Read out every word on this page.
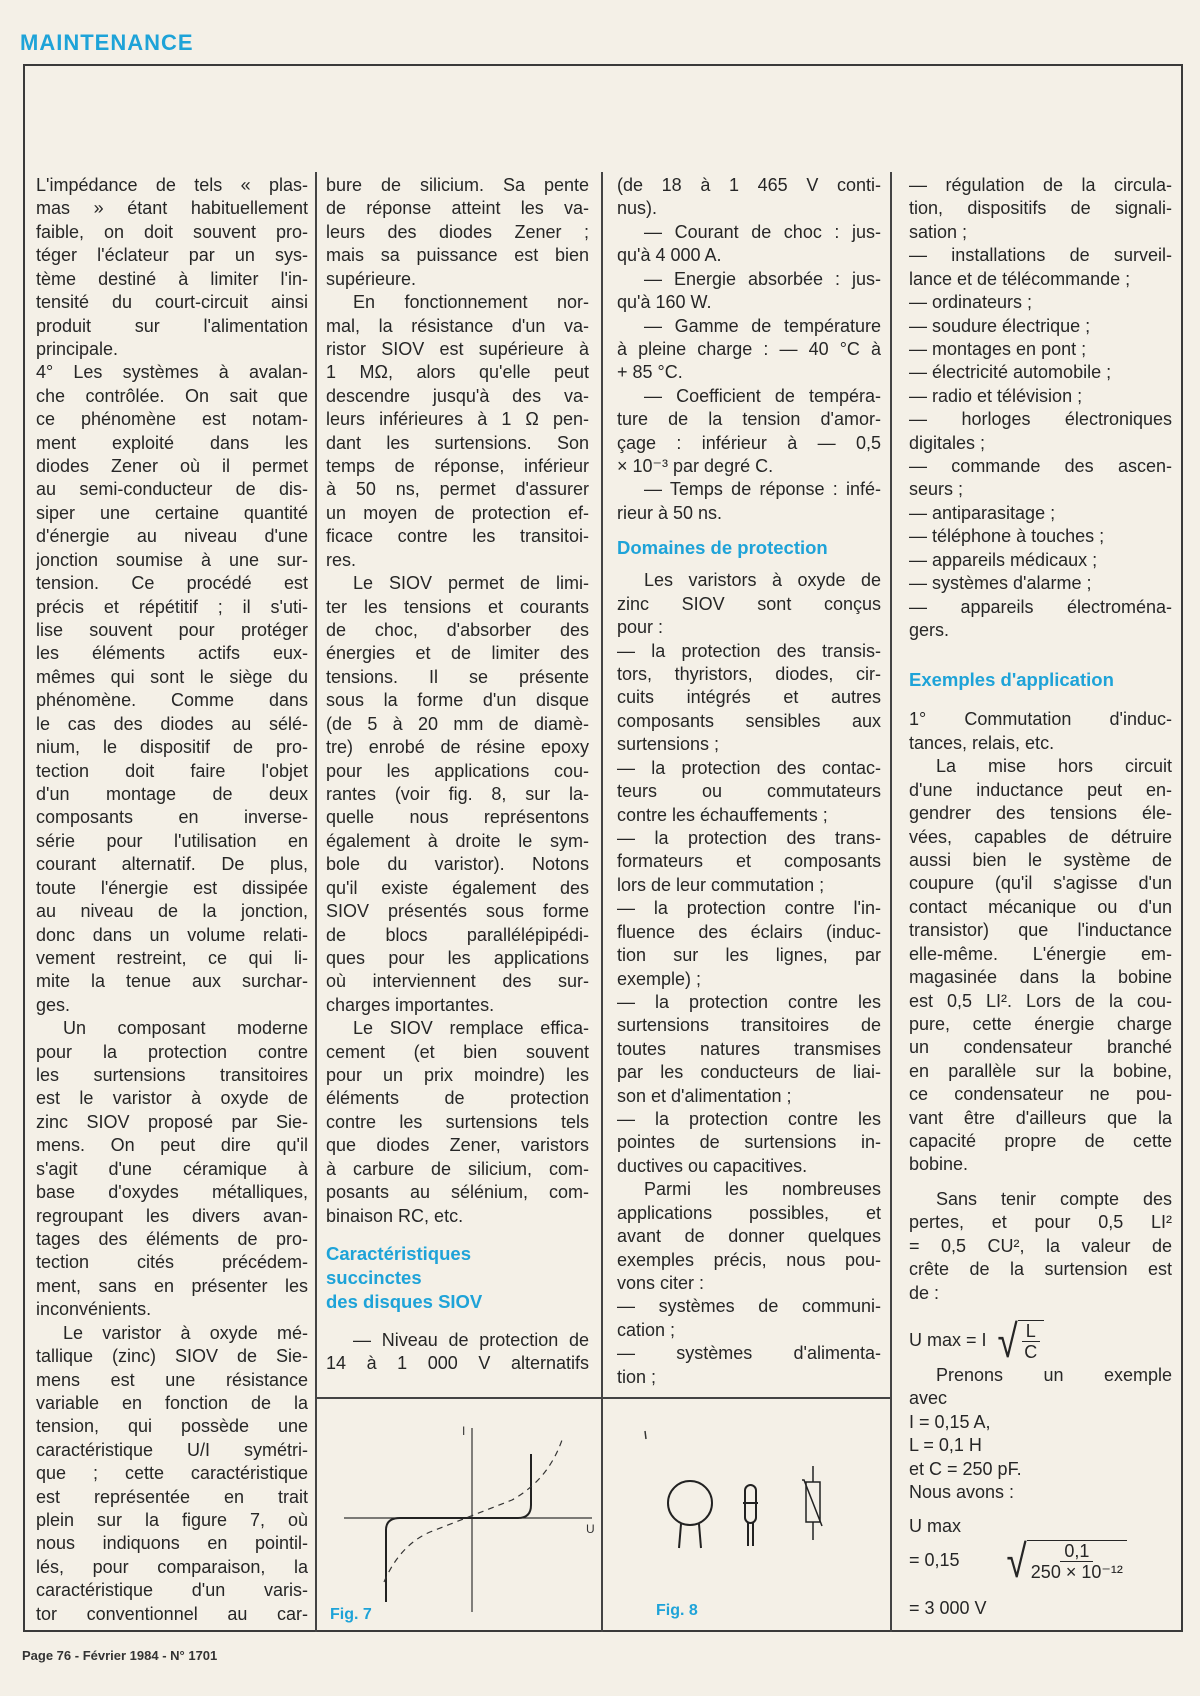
MAINTENANCE
L'impédance de tels « plas-
mas » étant habituellement
faible, on doit souvent pro-
téger l'éclateur par un sys-
tème destiné à limiter l'in-
tensité du court-circuit ainsi
produit sur l'alimentation
principale.
4° Les systèmes à avalan-
che contrôlée. On sait que
ce phénomène est notam-
ment exploité dans les
diodes Zener où il permet
au semi-conducteur de dis-
siper une certaine quantité
d'énergie au niveau d'une
jonction soumise à une sur-
tension. Ce procédé est
précis et répétitif ; il s'uti-
lise souvent pour protéger
les éléments actifs eux-
mêmes qui sont le siège du
phénomène. Comme dans
le cas des diodes au sélé-
nium, le dispositif de pro-
tection doit faire l'objet
d'un montage de deux
composants en inverse-
série pour l'utilisation en
courant alternatif. De plus,
toute l'énergie est dissipée
au niveau de la jonction,
donc dans un volume relati-
vement restreint, ce qui li-
mite la tenue aux surchar-
ges.
Un composant moderne
pour la protection contre
les surtensions transitoires
est le varistor à oxyde de
zinc SIOV proposé par Sie-
mens. On peut dire qu'il
s'agit d'une céramique à
base d'oxydes métalliques,
regroupant les divers avan-
tages des éléments de pro-
tection cités précédem-
ment, sans en présenter les
inconvénients.
Le varistor à oxyde mé-
tallique (zinc) SIOV de Sie-
mens est une résistance
variable en fonction de la
tension, qui possède une
caractéristique U/I symétri-
que ; cette caractéristique
est représentée en trait
plein sur la figure 7, où
nous indiquons en pointil-
lés, pour comparaison, la
caractéristique d'un varis-
tor conventionnel au car-
bure de silicium. Sa pente
de réponse atteint les va-
leurs des diodes Zener ;
mais sa puissance est bien
supérieure.
En fonctionnement nor-
mal, la résistance d'un va-
ristor SIOV est supérieure à
1 MΩ, alors qu'elle peut
descendre jusqu'à des va-
leurs inférieures à 1 Ω pen-
dant les surtensions. Son
temps de réponse, inférieur
à 50 ns, permet d'assurer
un moyen de protection ef-
ficace contre les transitoi-
res.
Le SIOV permet de limi-
ter les tensions et courants
de choc, d'absorber des
énergies et de limiter des
tensions. Il se présente
sous la forme d'un disque
(de 5 à 20 mm de diamè-
tre) enrobé de résine epoxy
pour les applications cou-
rantes (voir fig. 8, sur la-
quelle nous représentons
également à droite le sym-
bole du varistor). Notons
qu'il existe également des
SIOV présentés sous forme
de blocs parallélépipédi-
ques pour les applications
où interviennent des sur-
charges importantes.
Le SIOV remplace effica-
cement (et bien souvent
pour un prix moindre) les
éléments de protection
contre les surtensions tels
que diodes Zener, varistors
à carbure de silicium, com-
posants au sélénium, com-
binaison RC, etc.
Caractéristiques
succinctes
des disques SIOV
— Niveau de protection de
14 à 1 000 V alternatifs
(de 18 à 1 465 V conti-
nus).
— Courant de choc : jus-
qu'à 4 000 A.
— Energie absorbée : jus-
qu'à 160 W.
— Gamme de température
à pleine charge : — 40 °C à
+ 85 °C.
— Coefficient de tempéra-
ture de la tension d'amor-
çage : inférieur à — 0,5
× 10⁻³ par degré C.
— Temps de réponse : infé-
rieur à 50 ns.
Domaines de protection
Les varistors à oxyde de
zinc SIOV sont conçus
pour :
— la protection des transis-
tors, thyristors, diodes, cir-
cuits intégrés et autres
composants sensibles aux
surtensions ;
— la protection des contac-
teurs ou commutateurs
contre les échauffements ;
— la protection des trans-
formateurs et composants
lors de leur commutation ;
— la protection contre l'in-
fluence des éclairs (induc-
tion sur les lignes, par
exemple) ;
— la protection contre les
surtensions transitoires de
toutes natures transmises
par les conducteurs de liai-
son et d'alimentation ;
— la protection contre les
pointes de surtensions in-
ductives ou capacitives.
Parmi les nombreuses
applications possibles, et
avant de donner quelques
exemples précis, nous pou-
vons citer :
— systèmes de communi-
cation ;
— systèmes d'alimenta-
tion ;
— régulation de la circula-
tion, dispositifs de signali-
sation ;
— installations de surveil-
lance et de télécommande ;
— ordinateurs ;
— soudure électrique ;
— montages en pont ;
— électricité automobile ;
— radio et télévision ;
— horloges électroniques
digitales ;
— commande des ascen-
seurs ;
— antiparasitage ;
— téléphone à touches ;
— appareils médicaux ;
— systèmes d'alarme ;
— appareils électroména-
gers.
Exemples d'application
1° Commutation d'induc-
tances, relais, etc.
La mise hors circuit
d'une inductance peut en-
gendrer des tensions éle-
vées, capables de détruire
aussi bien le système de
coupure (qu'il s'agisse d'un
contact mécanique ou d'un
transistor) que l'inductance
elle-même. L'énergie em-
magasinée dans la bobine
est 0,5 LI². Lors de la cou-
pure, cette énergie charge
un condensateur branché
en parallèle sur la bobine,
ce condensateur ne pou-
vant être d'ailleurs que la
capacité propre de cette
bobine.
Sans tenir compte des
pertes, et pour 0,5 LI²
= 0,5 CU², la valeur de
crête de la surtension est
de :
U max = I √ $\frac{L}{C}$
Prenons un exemple
avec
I = 0,15 A,
L = 0,1 H
et C = 250 pF.
Nous avons :
U max
= 0,15 √ $\frac{0,1}{\text{250 × 10⁻¹²}}$
= 3 000 V
I
U
Fig. 7	Fig. 8
Page 76 - Février 1984 - N° 1701
